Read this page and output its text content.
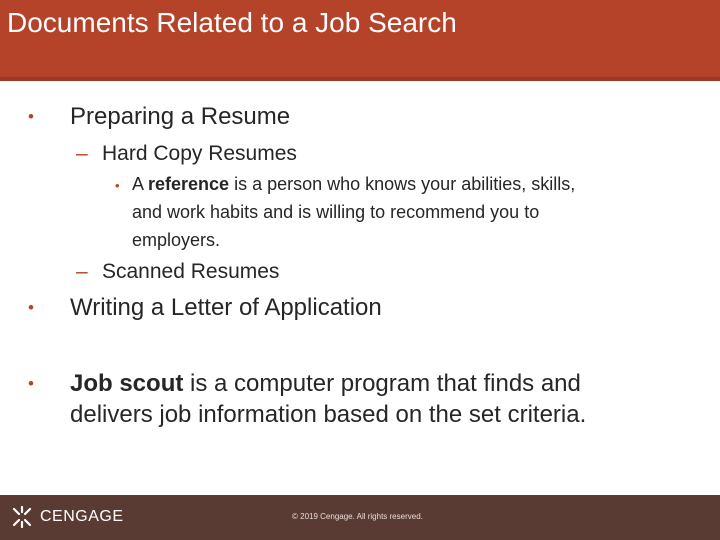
Documents Related to a Job Search
• Preparing a Resume
– Hard Copy Resumes
• A reference is a person who knows your abilities, skills,
and work habits and is willing to recommend you to
employers.
– Scanned Resumes
• Writing a Letter of Application
• Job scout is a computer program that finds and
delivers job information based on the set criteria.
CENGAGE	© 2019 Cengage. All rights reserved.
